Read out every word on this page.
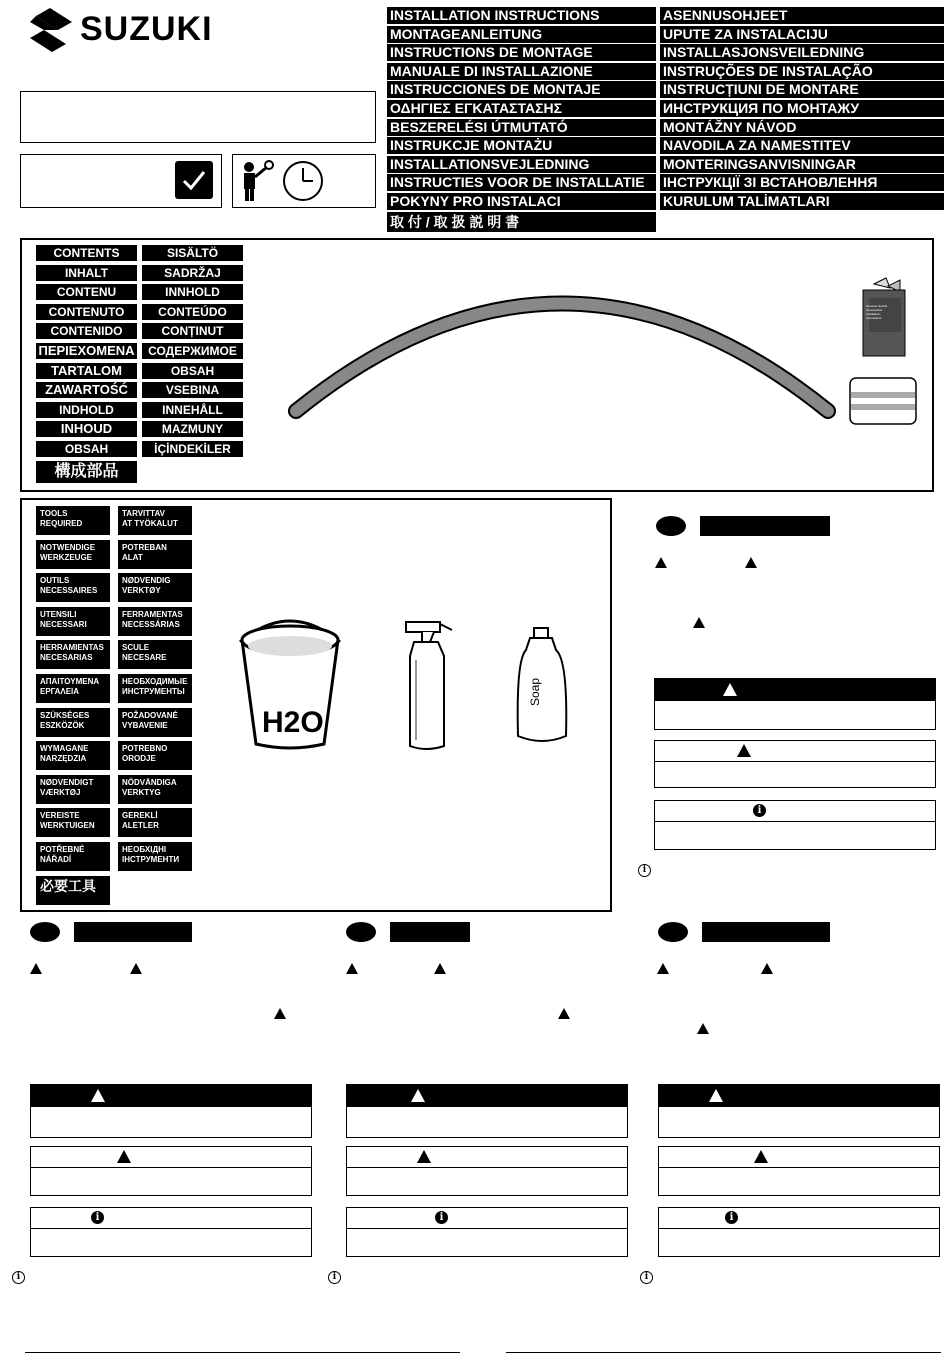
SUZUKI	INSTALLATION INSTRUCTIONS
MONTAGEANLEITUNG
INSTRUCTIONS DE MONTAGE
MANUALE DI INSTALLAZIONE
INSTRUCCIONES DE MONTAJE
ΟΔΗΓΙΕΣ ΕΓΚΑΤΑΣΤΑΣΗΣ
BESZERELÉSI ÚTMUTATÓ
INSTRUKCJE MONTAŻU
INSTALLATIONSVEJLEDNING
INSTRUCTIES VOOR DE INSTALLATIE
POKYNY PRO INSTALACI
取 付 / 取 扱 説 明 書
ASENNUSOHJEET
UPUTE ZA INSTALACIJU
INSTALLASJONSVEILEDNING
INSTRUÇÕES DE INSTALAÇÃO
INSTRUCȚIUNI DE MONTARE
ИНСТРУКЦИЯ ПО МОНТАЖУ
MONTÁŽNY NÁVOD
NAVODILA ZA NAMESTITEV
MONTERINGSANVISNINGAR
ІНСТРУКЦІЇ ЗІ ВСТАНОВЛЕННЯ
KURULUM TALİMATLARI
Genuine Suzuki
Accessories
Installation
Instructions
CONTENTS
INHALT
CONTENU
CONTENUTO
CONTENIDO
ΠΕΡΙΕΧΟΜΕΝΑ
TARTALOM
ZAWARTOŚĆ
INDHOLD
INHOUD
OBSAH
構成部品
SISÄLTÖ
SADRŽAJ
INNHOLD
CONTEÚDO
CONȚINUT
СОДЕРЖИМОЕ
OBSAH
VSEBINA
INNEHÅLL
MAZMUNY
İÇİNDEKİLER
H2O
Soap
TOOLS
REQUIRED
NOTWENDIGE
WERKZEUGE
OUTILS
NECESSAIRES
UTENSILI
NECESSARI
HERRAMIENTAS
NECESARIAS
ΑΠΑΙΤΟΥΜΕΝΑ
ΕΡΓΑΛΕΙΑ
SZÜKSÉGES
ESZKÖZÖK
WYMAGANE
NARZĘDZIA
NØDVENDIGT
VÆRKTØJ
VEREISTE
WERKTUIGEN
POTŘEBNÉ
NÁŘADÍ
必要工具
TARVITTAV
AT TYÖKALUT
POTREBAN
ALAT
NØDVENDIG
VERKTØY
FERRAMENTAS
NECESSÁRIAS
SCULE
NECESARE
НЕОБХОДИМЫЕ
ИНСТРУМЕНТЫ
POŽADOVANÉ
VYBAVENIE
POTREBNO
ORODJE
NÖDVÄNDIGA
VERKTYG
GEREKLİ
ALETLER
НЕОБХІДНІ
ІНСТРУМЕНТИ
i
i
i
i
i
i
i
i
